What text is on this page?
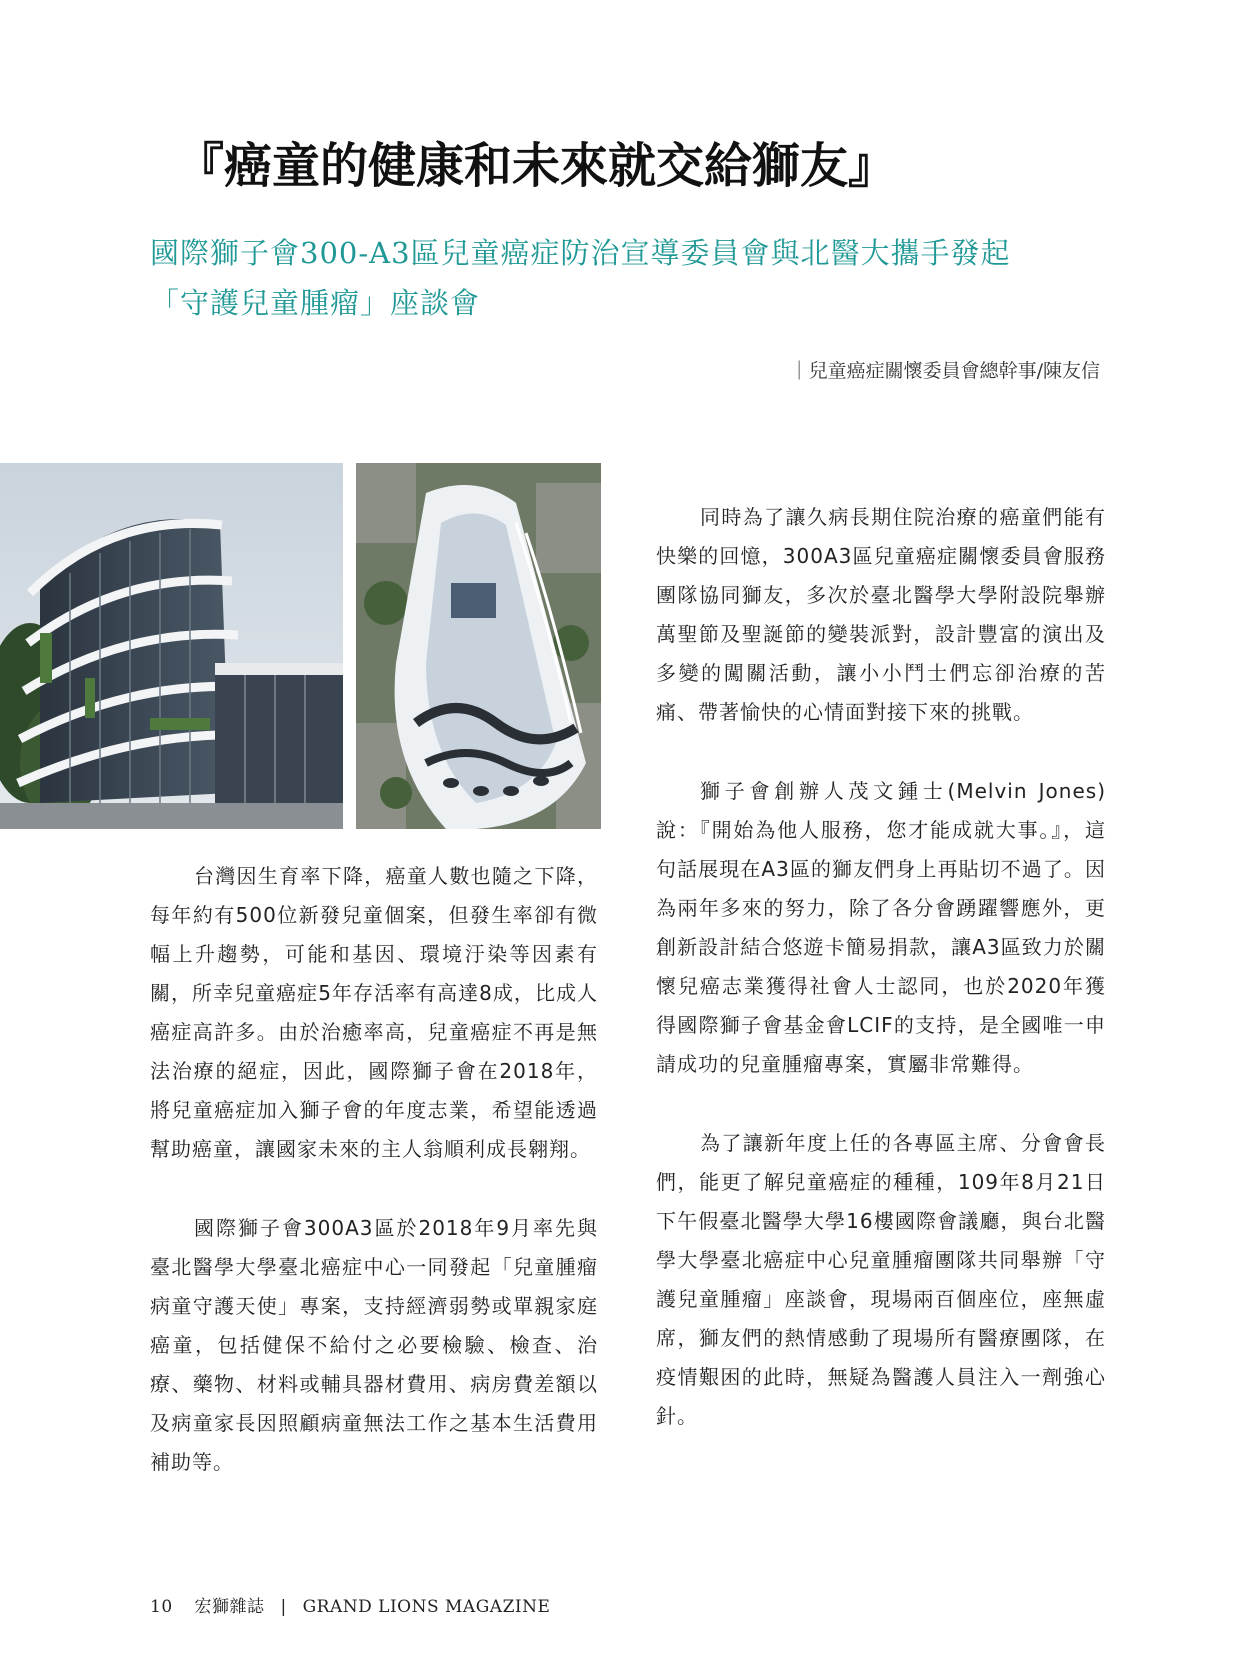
『癌童的健康和未來就交給獅友』
國際獅子會300-A3區兒童癌症防治宣導委員會與北醫大攜手發起
「守護兒童腫瘤」座談會
｜兒童癌症關懷委員會總幹事/陳友信

台灣因生育率下降，癌童人數也隨之下降，每年約有500位新發兒童個案，但發生率卻有微幅上升趨勢，可能和基因、環境汙染等因素有關，所幸兒童癌症5年存活率有高達8成，比成人癌症高許多。由於治癒率高，兒童癌症不再是無法治療的絕症，因此，國際獅子會在2018年，將兒童癌症加入獅子會的年度志業，希望能透過幫助癌童，讓國家未來的主人翁順利成長翱翔。

國際獅子會300A3區於2018年9月率先與臺北醫學大學臺北癌症中心一同發起「兒童腫瘤病童守護天使」專案，支持經濟弱勢或單親家庭癌童，包括健保不給付之必要檢驗、檢查、治療、藥物、材料或輔具器材費用、病房費差額以及病童家長因照顧病童無法工作之基本生活費用補助等。

同時為了讓久病長期住院治療的癌童們能有快樂的回憶，300A3區兒童癌症關懷委員會服務團隊協同獅友，多次於臺北醫學大學附設院舉辦萬聖節及聖誕節的變裝派對，設計豐富的演出及多變的闖關活動，讓小小鬥士們忘卻治療的苦痛、帶著愉快的心情面對接下來的挑戰。

獅子會創辦人茂文鍾士(Melvin Jones)說：『開始為他人服務，您才能成就大事。』，這句話展現在A3區的獅友們身上再貼切不過了。因為兩年多來的努力，除了各分會踴躍響應外，更創新設計結合悠遊卡簡易捐款，讓A3區致力於關懷兒癌志業獲得社會人士認同，也於2020年獲得國際獅子會基金會LCIF的支持，是全國唯一申請成功的兒童腫瘤專案，實屬非常難得。

為了讓新年度上任的各專區主席、分會會長們，能更了解兒童癌症的種種，109年8月21日下午假臺北醫學大學16樓國際會議廳，與台北醫學大學臺北癌症中心兒童腫瘤團隊共同舉辦「守護兒童腫瘤」座談會，現場兩百個座位，座無虛席，獅友們的熱情感動了現場所有醫療團隊，在疫情艱困的此時，無疑為醫護人員注入一劑強心針。

10 宏獅雜誌 | GRAND LIONS MAGAZINE
